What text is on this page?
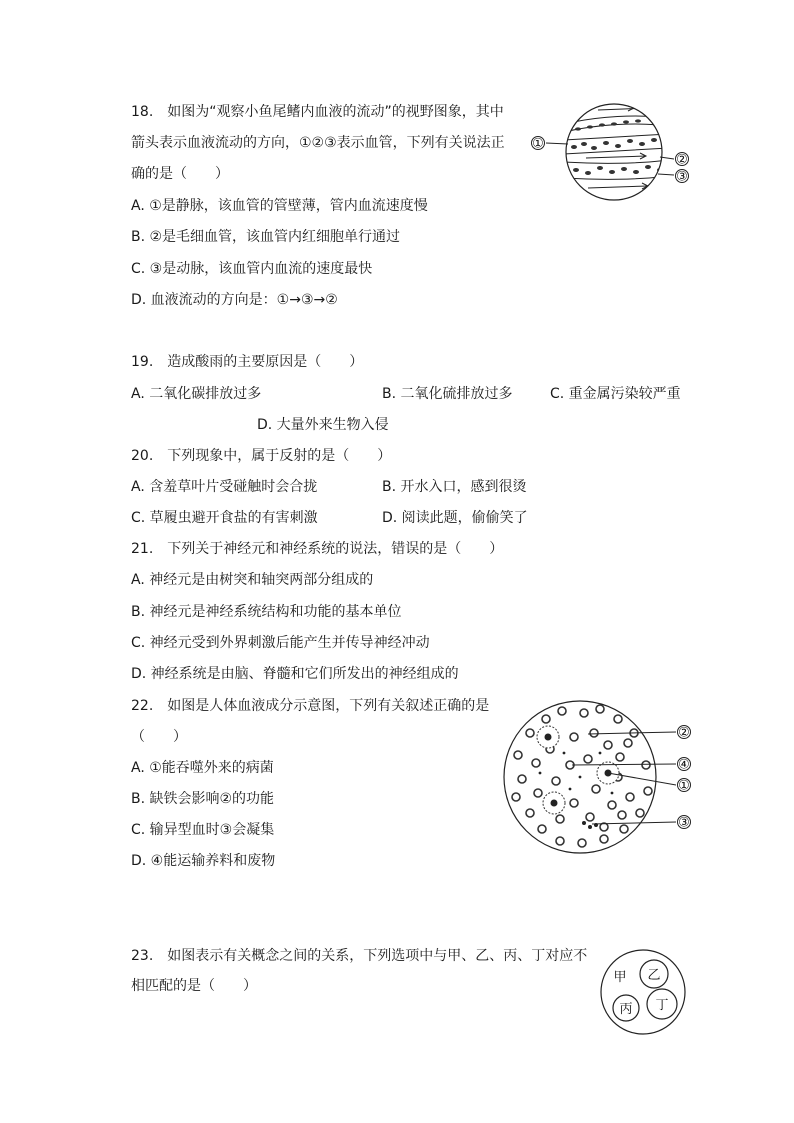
18.　如图为“观察小鱼尾鳍内血液的流动”的视野图象，其中
箭头表示血液流动的方向，①②③表示血管，下列有关说法正
确的是（　　）
A. ①是静脉，该血管的管壁薄，管内血流速度慢
B. ②是毛细血管，该血管内红细胞单行通过
C. ③是动脉，该血管内血流的速度最快
D. 血液流动的方向是：①→③→②
①
②
③
19.　造成酸雨的主要原因是（　　）
A. 二氧化碳排放过多	B. 二氧化硫排放过多	C. 重金属污染较严重
D. 大量外来生物入侵
20.　下列现象中，属于反射的是（　　）
A. 含羞草叶片受碰触时会合拢	B. 开水入口，感到很烫
C. 草履虫避开食盐的有害刺激	D. 阅读此题，偷偷笑了
21.　下列关于神经元和神经系统的说法，错误的是（　　）
A. 神经元是由树突和轴突两部分组成的
B. 神经元是神经系统结构和功能的基本单位
C. 神经元受到外界刺激后能产生并传导神经冲动
D. 神经系统是由脑、脊髓和它们所发出的神经组成的
22.　如图是人体血液成分示意图，下列有关叙述正确的是
（　　）
A. ①能吞噬外来的病菌
B. 缺铁会影响②的功能
C. 输异型血时③会凝集
D. ④能运输养料和废物
②
④
①
③
23.　如图表示有关概念之间的关系，下列选项中与甲、乙、丙、丁对应不
相匹配的是（　　）
甲 乙
丙 丁
